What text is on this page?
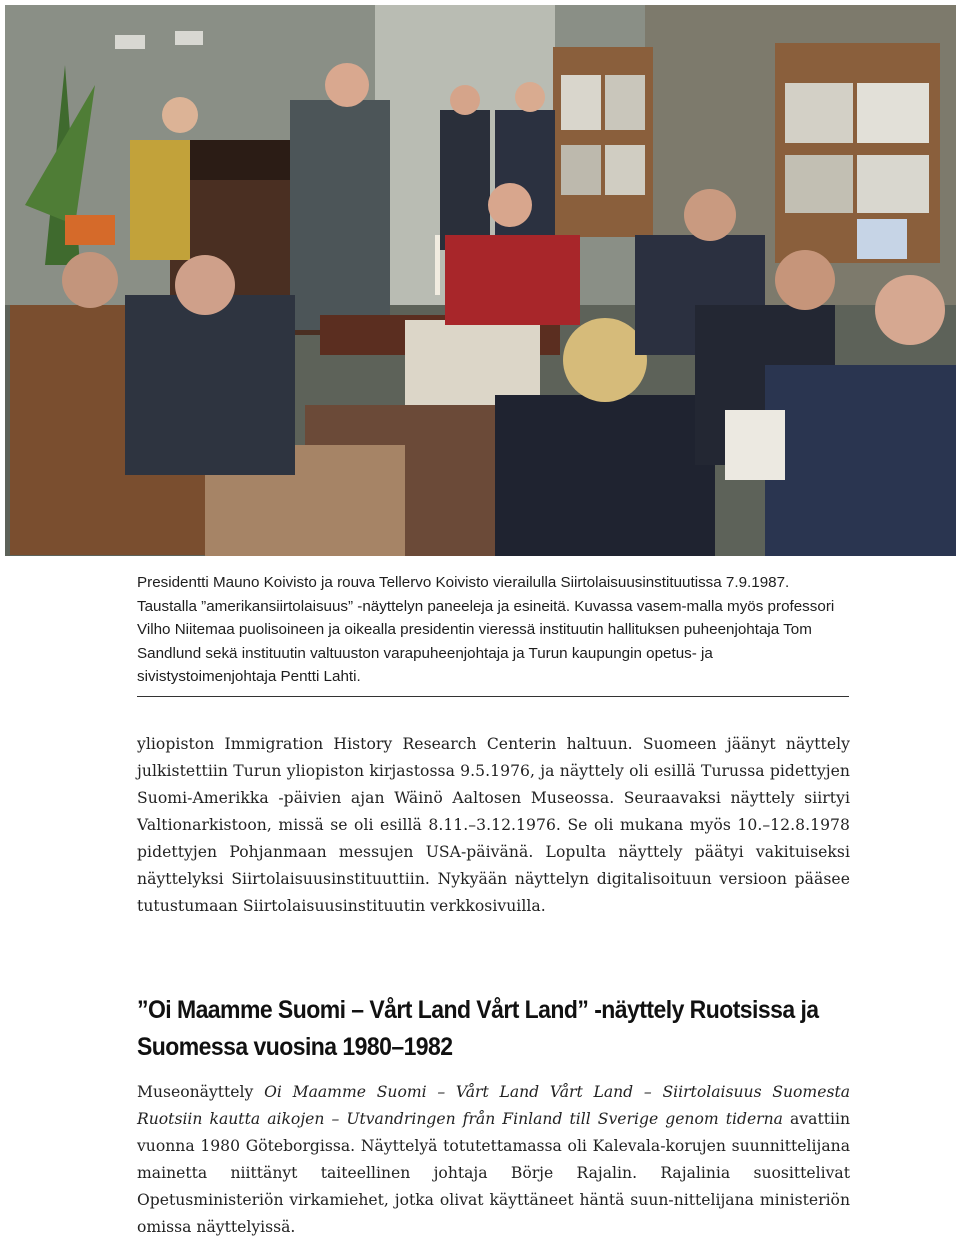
Presidentti Mauno Koivisto ja rouva Tellervo Koivisto vierailulla Siirtolaisuusinstituutissa 7.9.1987. Taustalla ”amerikansiirtolaisuus” -näyttelyn paneeleja ja esineitä. Kuvassa vasem-malla myös professori Vilho Niitemaa puolisoineen ja oikealla presidentin vieressä instituutin hallituksen puheenjohtaja Tom Sandlund sekä instituutin valtuuston varapuheenjohtaja ja Turun kaupungin opetus- ja sivistystoimenjohtaja Pentti Lahti.

yliopiston Immigration History Research Centerin haltuun. Suomeen jäänyt näyttely julkistettiin Turun yliopiston kirjastossa 9.5.1976, ja näyttely oli esillä Turussa pidettyjen Suomi-Amerikka -päivien ajan Wäinö Aaltosen Museossa. Seuraavaksi näyttely siirtyi Valtionarkistoon, missä se oli esillä 8.11.–3.12.1976. Se oli mukana myös 10.–12.8.1978 pidettyjen Pohjanmaan messujen USA-päivänä. Lopulta näyttely päätyi vakituiseksi näyttelyksi Siirtolaisuusinstituuttiin. Nykyään näyttelyn digitalisoituun versioon pääsee tutustumaan Siirtolaisuusinstituutin verkkosivuilla.

”Oi Maamme Suomi – Vårt Land Vårt Land” -näyttely Ruotsissa ja

Suomessa vuosina 1980–1982

Museonäyttely Oi Maamme Suomi – Vårt Land Vårt Land – Siirtolaisuus Suomesta Ruotsiin kautta aikojen – Utvandringen från Finland till Sverige genom tiderna avattiin vuonna 1980 Göteborgissa. Näyttelyä totutettamassa oli Kalevala-korujen suunnittelijana mainetta niittänyt taiteellinen johtaja Börje Rajalin. Rajalinia suosittelivat Opetusministeriön virkamiehet, jotka olivat käyttäneet häntä suun-nittelijana ministeriön omissa näyttelyissä.
